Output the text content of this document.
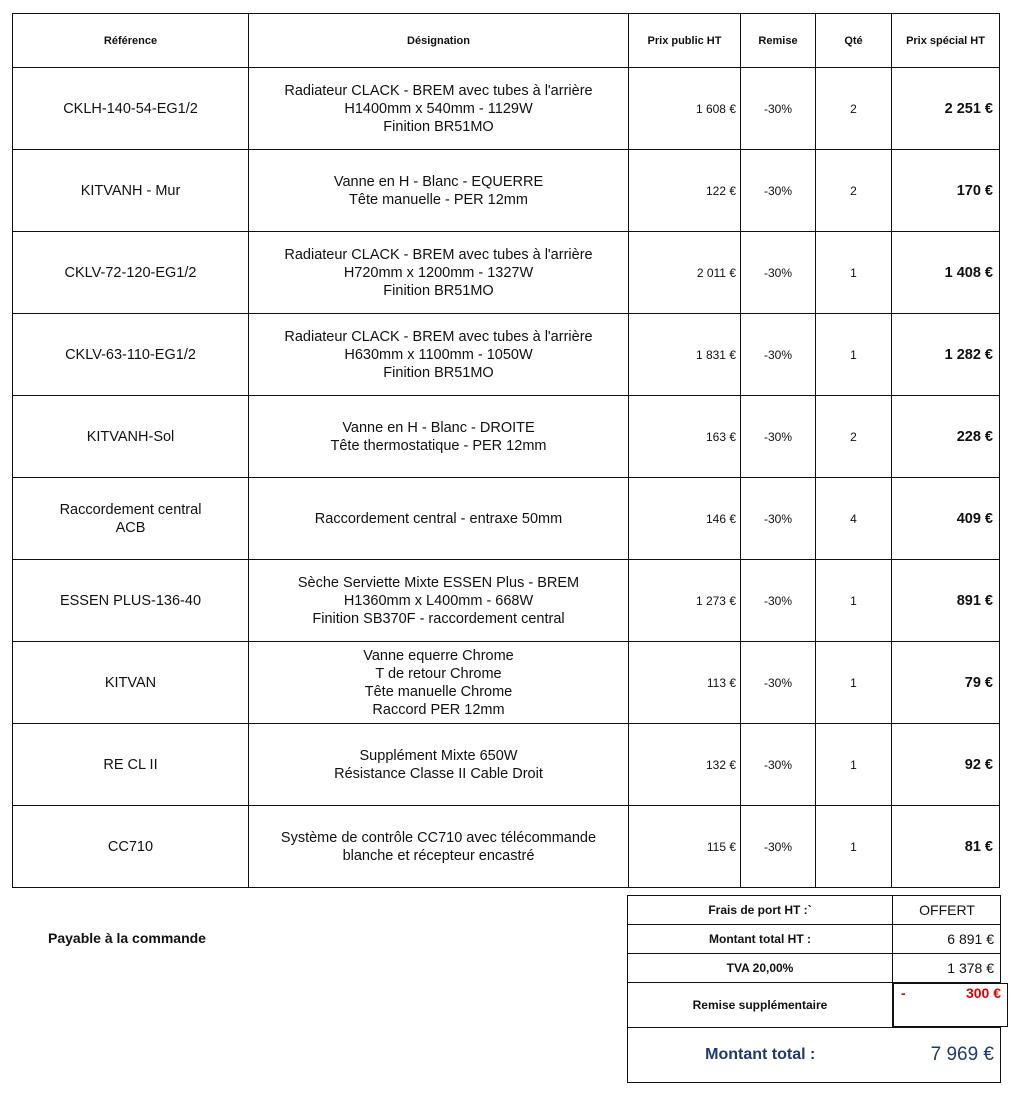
Référence	Désignation	Prix public HT	Remise	Qté	Prix spécial HT

CKLH-140-54-EG1/2	Radiateur CLACK - BREM avec tubes à l'arrière
H1400mm x 540mm - 1129W
Finition BR51MO	1 608 €	-30%	2	2 251 €

KITVANH - Mur	Vanne en H - Blanc - EQUERRE
Tête manuelle - PER 12mm	122 €	-30%	2	170 €

CKLV-72-120-EG1/2	Radiateur CLACK - BREM avec tubes à l'arrière
H720mm x 1200mm - 1327W
Finition BR51MO	2 011 €	-30%	1	1 408 €

CKLV-63-110-EG1/2	Radiateur CLACK - BREM avec tubes à l'arrière
H630mm x 1100mm - 1050W
Finition BR51MO	1 831 €	-30%	1	1 282 €

KITVANH-Sol	Vanne en H - Blanc - DROITE
Tête thermostatique - PER 12mm	163 €	-30%	2	228 €

Raccordement central
ACB	Raccordement central - entraxe 50mm	146 €	-30%	4	409 €

ESSEN PLUS-136-40	Sèche Serviette Mixte ESSEN Plus - BREM
H1360mm x L400mm - 668W
Finition SB370F - raccordement central	1 273 €	-30%	1	891 €

KITVAN	Vanne equerre Chrome
T de retour Chrome
Tête manuelle Chrome
Raccord PER 12mm	113 €	-30%	1	79 €

RE CL II	Supplément Mixte 650W
Résistance Classe II Cable Droit	132 €	-30%	1	92 €

CC710	Système de contrôle CC710 avec télécommande
blanche et récepteur encastré	115 €	-30%	1	81 €
Payable à la commande
Frais de port HT :`	OFFERT
Montant total HT :	6 891 €
TVA 20,00%	1 378 €
Remise supplémentaire	
-	300 €

Montant total :	7 969 €
